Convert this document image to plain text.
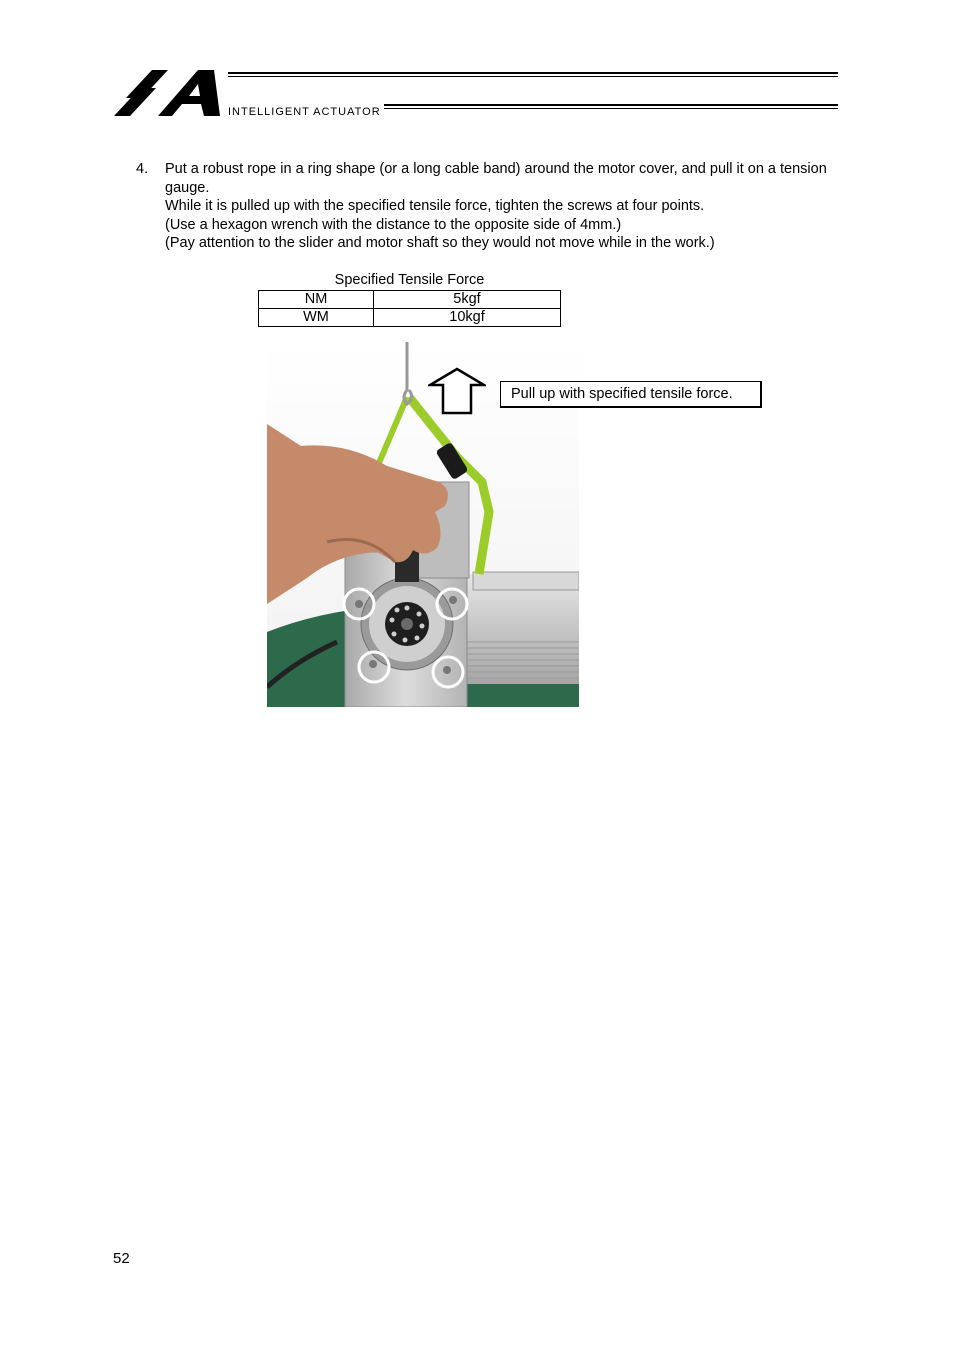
INTELLIGENT ACTUATOR
4. Put a robust rope in a ring shape (or a long cable band) around the motor cover, and pull it on a tension gauge.

While it is pulled up with the specified tensile force, tighten the screws at four points.

(Use a hexagon wrench with the distance to the opposite side of 4mm.)

(Pay attention to the slider and motor shaft so they would not move while in the work.)

Specified Tensile Force
NM	5kgf
WM	10kgf
Pull up with specified tensile force.
52
